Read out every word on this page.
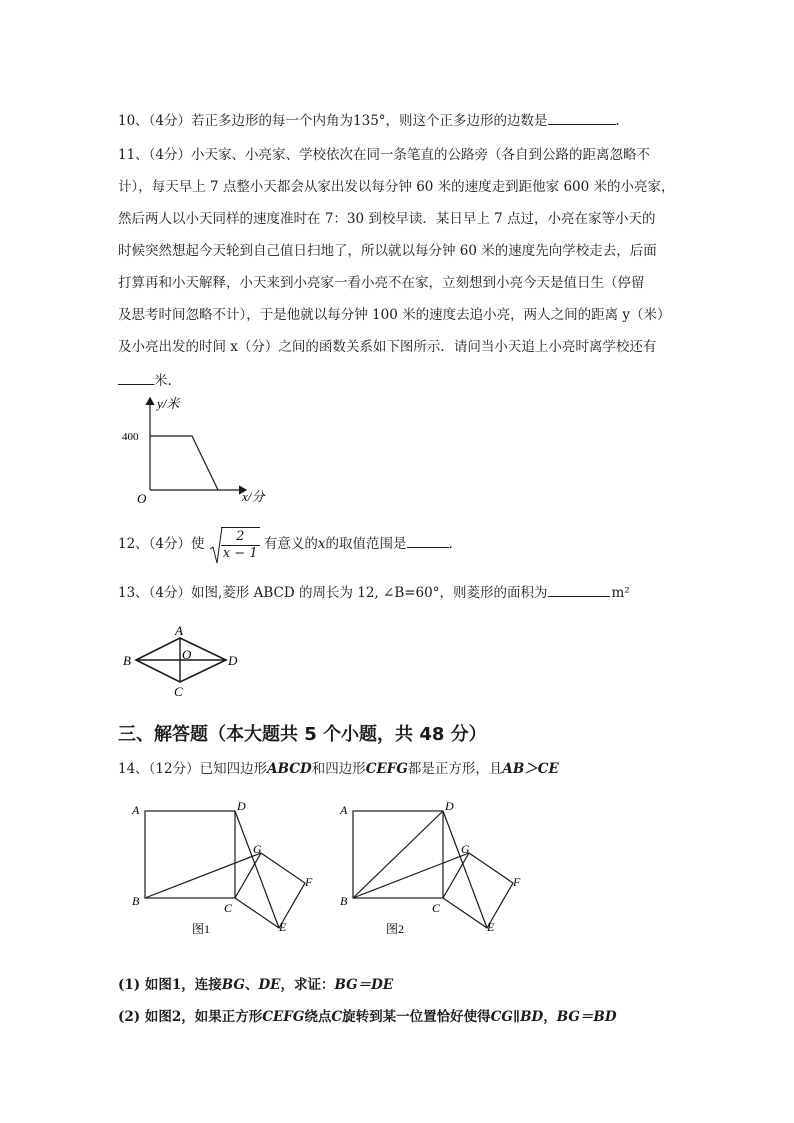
10、（4分）若正多边形的每一个内角为135°，则这个正多边形的边数是	.
11、（4分）小天家、小亮家、学校依次在同一条笔直的公路旁（各自到公路的距离忽略不
计），每天早上 7 点整小天都会从家出发以每分钟 60 米的速度走到距他家 600 米的小亮家，
然后两人以小天同样的速度准时在 7：30 到校早读．某日早上 7 点过，小亮在家等小天的
时候突然想起今天轮到自己值日扫地了，所以就以每分钟 60 米的速度先向学校走去，后面
打算再和小天解释，小天来到小亮家一看小亮不在家，立刻想到小亮今天是值日生（停留
及思考时间忽略不计），于是他就以每分钟 100 米的速度去追小亮，两人之间的距离 y（米）
及小亮出发的时间 x（分）之间的函数关系如下图所示．请问当小天追上小亮时离学校还有
米.
y/米
400
O	x/分
12、（4分）使 $\frac{2}{x - 1}$ 有意义的x的取值范围是	.
13、（4分）如图,菱形 ABCD 的周长为 12, ∠B=60°，则菱形的面积为	m²
A
B	D
C
O
三、解答题（本大题共 5 个小题，共 48 分）
14、（12分）已知四边形ABCD和四边形CEFG都是正方形，且AB＞CE
A	D
B	C
G
F
E
图1
A	D
B	C
G
F
E
图2
(1) 如图1，连接BG、DE，求证：BG＝DE
(2) 如图2，如果正方形CEFG绕点C旋转到某一位置恰好使得CG∥BD，BG＝BD
